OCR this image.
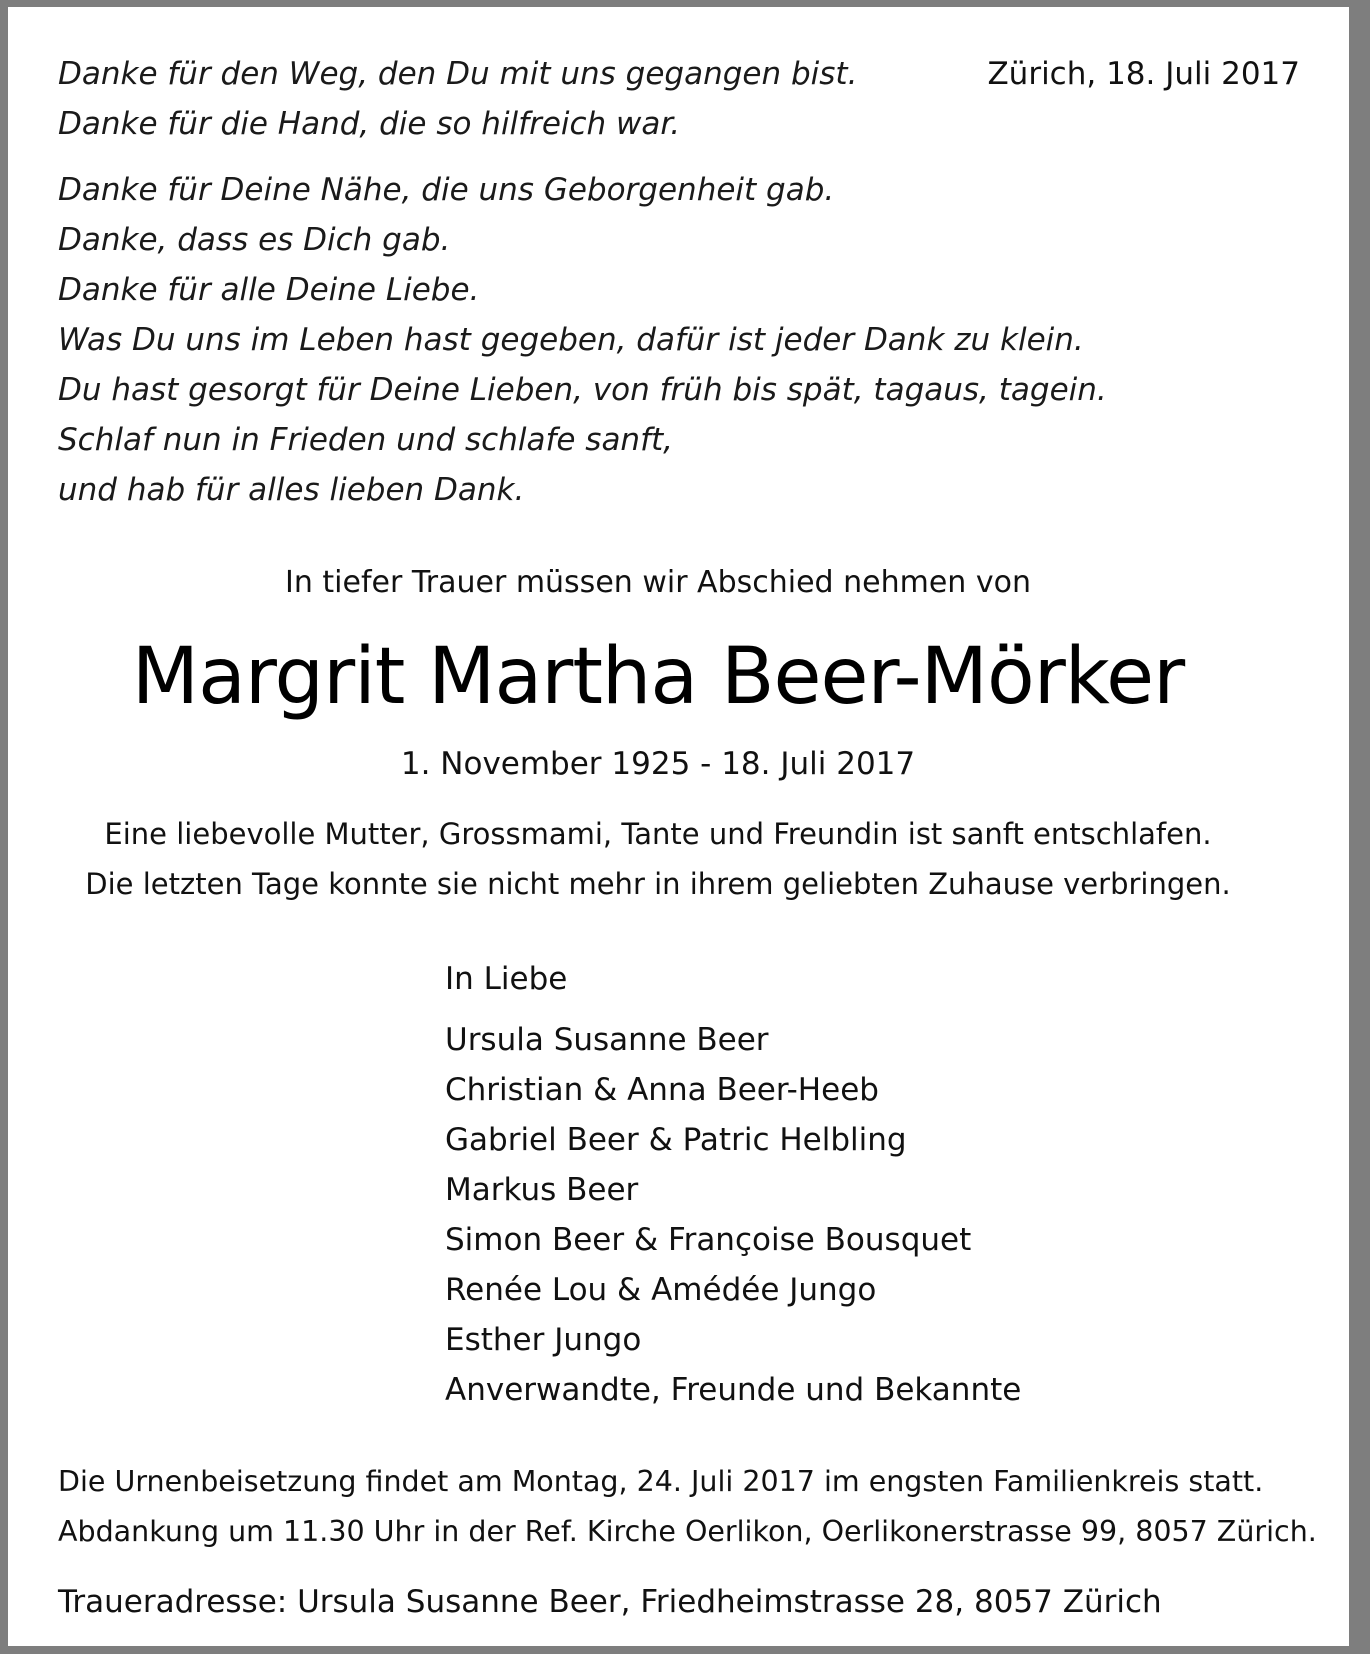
Danke für den Weg, den Du mit uns gegangen bist.
Danke für die Hand, die so hilfreich war.
Danke für Deine Nähe, die uns Geborgenheit gab.
Danke, dass es Dich gab.
Danke für alle Deine Liebe.
Was Du uns im Leben hast gegeben, dafür ist jeder Dank zu klein.
Du hast gesorgt für Deine Lieben, von früh bis spät, tagaus, tagein.
Schlaf nun in Frieden und schlafe sanft,
und hab für alles lieben Dank.
Zürich, 18. Juli 2017
In tiefer Trauer müssen wir Abschied nehmen von
Margrit Martha Beer-Mörker
1. November 1925 - 18. Juli 2017
Eine liebevolle Mutter, Grossmami, Tante und Freundin ist sanft entschlafen.
Die letzten Tage konnte sie nicht mehr in ihrem geliebten Zuhause verbringen.
In Liebe
Ursula Susanne Beer
Christian & Anna Beer-Heeb
Gabriel Beer & Patric Helbling
Markus Beer
Simon Beer & Françoise Bousquet
Renée Lou & Amédée Jungo
Esther Jungo
Anverwandte, Freunde und Bekannte
Die Urnenbeisetzung findet am Montag, 24. Juli 2017 im engsten Familienkreis statt.
Abdankung um 11.30 Uhr in der Ref. Kirche Oerlikon, Oerlikonerstrasse 99, 8057 Zürich.
Traueradresse: Ursula Susanne Beer, Friedheimstrasse 28, 8057 Zürich
